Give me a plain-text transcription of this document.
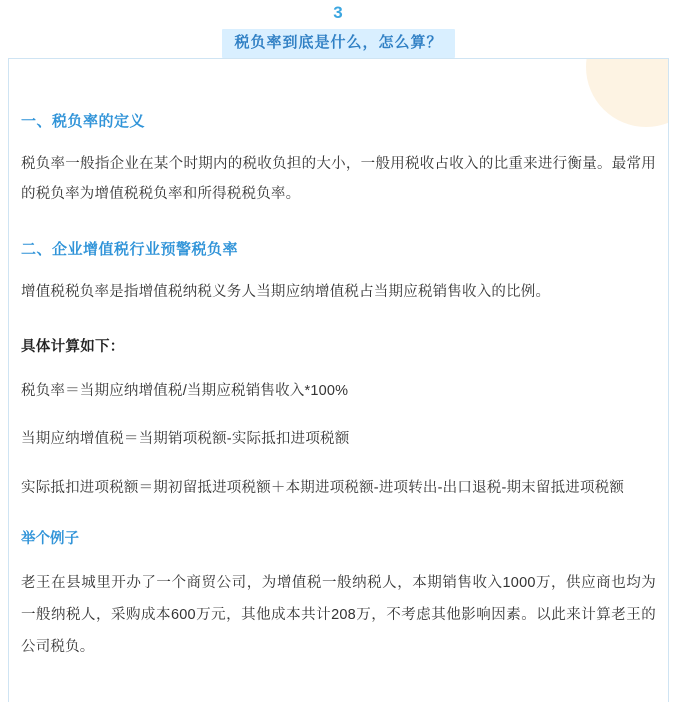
3
税负率到底是什么，怎么算？
一、税负率的定义

税负率一般指企业在某个时期内的税收负担的大小，一般用税收占收入的比重来进行衡量。最常用的税负率为增值税税负率和所得税税负率。

二、企业增值税行业预警税负率

增值税税负率是指增值税纳税义务人当期应纳增值税占当期应税销售收入的比例。

具体计算如下：

税负率＝当期应纳增值税/当期应税销售收入*100%

当期应纳增值税＝当期销项税额-实际抵扣进项税额

实际抵扣进项税额＝期初留抵进项税额＋本期进项税额-进项转出-出口退税-期末留抵进项税额

举个例子

老王在县城里开办了一个商贸公司，为增值税一般纳税人，本期销售收入1000万，供应商也均为一般纳税人，采购成本600万元，其他成本共计208万，不考虑其他影响因素。以此来计算老王的公司税负。
